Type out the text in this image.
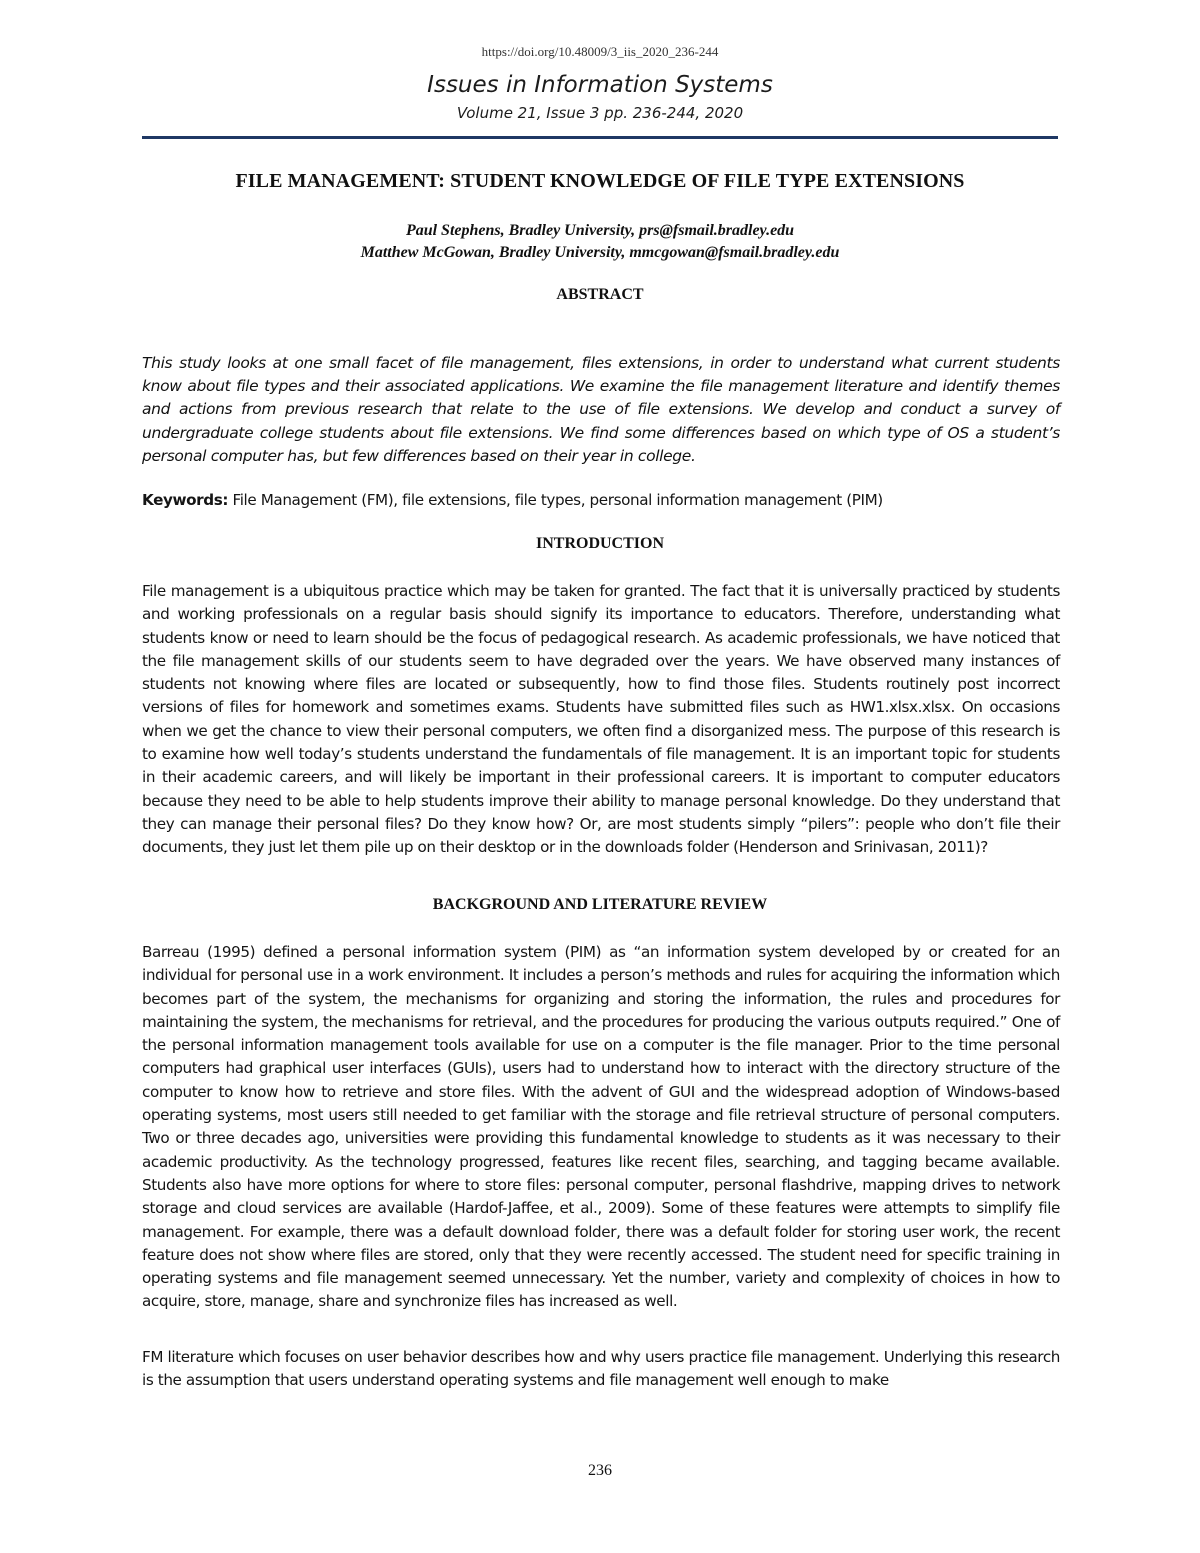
https://doi.org/10.48009/3_iis_2020_236-244
Issues in Information Systems
Volume 21, Issue 3 pp. 236-244, 2020
FILE MANAGEMENT: STUDENT KNOWLEDGE OF FILE TYPE EXTENSIONS
Paul Stephens, Bradley University, prs@fsmail.bradley.edu
Matthew McGowan, Bradley University, mmcgowan@fsmail.bradley.edu
ABSTRACT
This study looks at one small facet of file management, files extensions, in order to understand what current students know about file types and their associated applications. We examine the file management literature and identify themes and actions from previous research that relate to the use of file extensions. We develop and conduct a survey of undergraduate college students about file extensions. We find some differences based on which type of OS a student’s personal computer has, but few differences based on their year in college.
Keywords: File Management (FM), file extensions, file types, personal information management (PIM)
INTRODUCTION
File management is a ubiquitous practice which may be taken for granted. The fact that it is universally practiced by students and working professionals on a regular basis should signify its importance to educators. Therefore, understanding what students know or need to learn should be the focus of pedagogical research. As academic professionals, we have noticed that the file management skills of our students seem to have degraded over the years. We have observed many instances of students not knowing where files are located or subsequently, how to find those files. Students routinely post incorrect versions of files for homework and sometimes exams. Students have submitted files such as HW1.xlsx.xlsx. On occasions when we get the chance to view their personal computers, we often find a disorganized mess. The purpose of this research is to examine how well today’s students understand the fundamentals of file management. It is an important topic for students in their academic careers, and will likely be important in their professional careers. It is important to computer educators because they need to be able to help students improve their ability to manage personal knowledge. Do they understand that they can manage their personal files? Do they know how? Or, are most students simply “pilers”: people who don’t file their documents, they just let them pile up on their desktop or in the downloads folder (Henderson and Srinivasan, 2011)?
BACKGROUND AND LITERATURE REVIEW
Barreau (1995) defined a personal information system (PIM) as “an information system developed by or created for an individual for personal use in a work environment. It includes a person’s methods and rules for acquiring the information which becomes part of the system, the mechanisms for organizing and storing the information, the rules and procedures for maintaining the system, the mechanisms for retrieval, and the procedures for producing the various outputs required.” One of the personal information management tools available for use on a computer is the file manager. Prior to the time personal computers had graphical user interfaces (GUIs), users had to understand how to interact with the directory structure of the computer to know how to retrieve and store files. With the advent of GUI and the widespread adoption of Windows-based operating systems, most users still needed to get familiar with the storage and file retrieval structure of personal computers. Two or three decades ago, universities were providing this fundamental knowledge to students as it was necessary to their academic productivity. As the technology progressed, features like recent files, searching, and tagging became available. Students also have more options for where to store files: personal computer, personal flashdrive, mapping drives to network storage and cloud services are available (Hardof-Jaffee, et al., 2009). Some of these features were attempts to simplify file management. For example, there was a default download folder, there was a default folder for storing user work, the recent feature does not show where files are stored, only that they were recently accessed. The student need for specific training in operating systems and file management seemed unnecessary. Yet the number, variety and complexity of choices in how to acquire, store, manage, share and synchronize files has increased as well.
FM literature which focuses on user behavior describes how and why users practice file management. Underlying this research is the assumption that users understand operating systems and file management well enough to make
236
